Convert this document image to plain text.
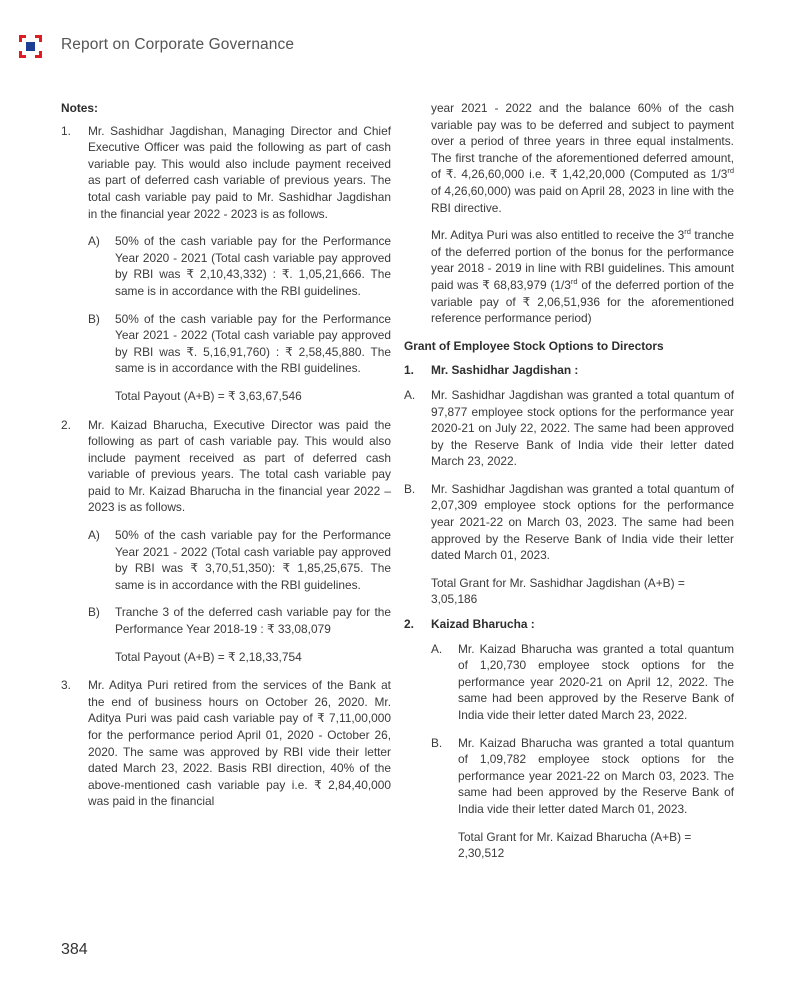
Report on Corporate Governance

Notes:

1. Mr. Sashidhar Jagdishan, Managing Director and Chief Executive Officer was paid the following as part of cash variable pay. This would also include payment received as part of deferred cash variable of previous years. The total cash variable pay paid to Mr. Sashidhar Jagdishan in the financial year 2022 - 2023 is as follows.

A) 50% of the cash variable pay for the Performance Year 2020 - 2021 (Total cash variable pay approved by RBI was ₹ 2,10,43,332) : ₹. 1,05,21,666. The same is in accordance with the RBI guidelines.

B) 50% of the cash variable pay for the Performance Year 2021 - 2022 (Total cash variable pay approved by RBI was ₹. 5,16,91,760) : ₹ 2,58,45,880. The same is in accordance with the RBI guidelines.

Total Payout (A+B) = ₹ 3,63,67,546

2. Mr. Kaizad Bharucha, Executive Director was paid the following as part of cash variable pay. This would also include payment received as part of deferred cash variable of previous years. The total cash variable pay paid to Mr. Kaizad Bharucha in the financial year 2022 –2023 is as follows.

A) 50% of the cash variable pay for the Performance Year 2021 - 2022 (Total cash variable pay approved by RBI was ₹ 3,70,51,350): ₹ 1,85,25,675. The same is in accordance with the RBI guidelines.

B) Tranche 3 of the deferred cash variable pay for the Performance Year 2018-19 : ₹ 33,08,079

Total Payout (A+B) = ₹ 2,18,33,754

3. Mr. Aditya Puri retired from the services of the Bank at the end of business hours on October 26, 2020. Mr. Aditya Puri was paid cash variable pay of ₹ 7,11,00,000 for the performance period April 01, 2020 - October 26, 2020. The same was approved by RBI vide their letter dated March 23, 2022. Basis RBI direction, 40% of the above-mentioned cash variable pay i.e. ₹ 2,84,40,000 was paid in the financial

year 2021 - 2022 and the balance 60% of the cash variable pay was to be deferred and subject to payment over a period of three years in three equal instalments. The first tranche of the aforementioned deferred amount, of ₹. 4,26,60,000 i.e. ₹ 1,42,20,000 (Computed as 1/3rd of 4,26,60,000) was paid on April 28, 2023 in line with the RBI directive.

Mr. Aditya Puri was also entitled to receive the 3rd tranche of the deferred portion of the bonus for the performance year 2018 - 2019 in line with RBI guidelines. This amount paid was ₹ 68,83,979 (1/3rd of the deferred portion of the variable pay of ₹ 2,06,51,936 for the aforementioned reference performance period)

Grant of Employee Stock Options to Directors

1. Mr. Sashidhar Jagdishan :

A. Mr. Sashidhar Jagdishan was granted a total quantum of 97,877 employee stock options for the performance year 2020-21 on July 22, 2022. The same had been approved by the Reserve Bank of India vide their letter dated March 23, 2022.

B. Mr. Sashidhar Jagdishan was granted a total quantum of 2,07,309 employee stock options for the performance year 2021-22 on March 03, 2023. The same had been approved by the Reserve Bank of India vide their letter dated March 01, 2023.

Total Grant for Mr. Sashidhar Jagdishan (A+B) = 3,05,186

2. Kaizad Bharucha :

A. Mr. Kaizad Bharucha was granted a total quantum of 1,20,730 employee stock options for the performance year 2020-21 on April 12, 2022. The same had been approved by the Reserve Bank of India vide their letter dated March 23, 2022.

B. Mr. Kaizad Bharucha was granted a total quantum of 1,09,782 employee stock options for the performance year 2021-22 on March 03, 2023. The same had been approved by the Reserve Bank of India vide their letter dated March 01, 2023.

Total Grant for Mr. Kaizad Bharucha (A+B) = 2,30,512

384
